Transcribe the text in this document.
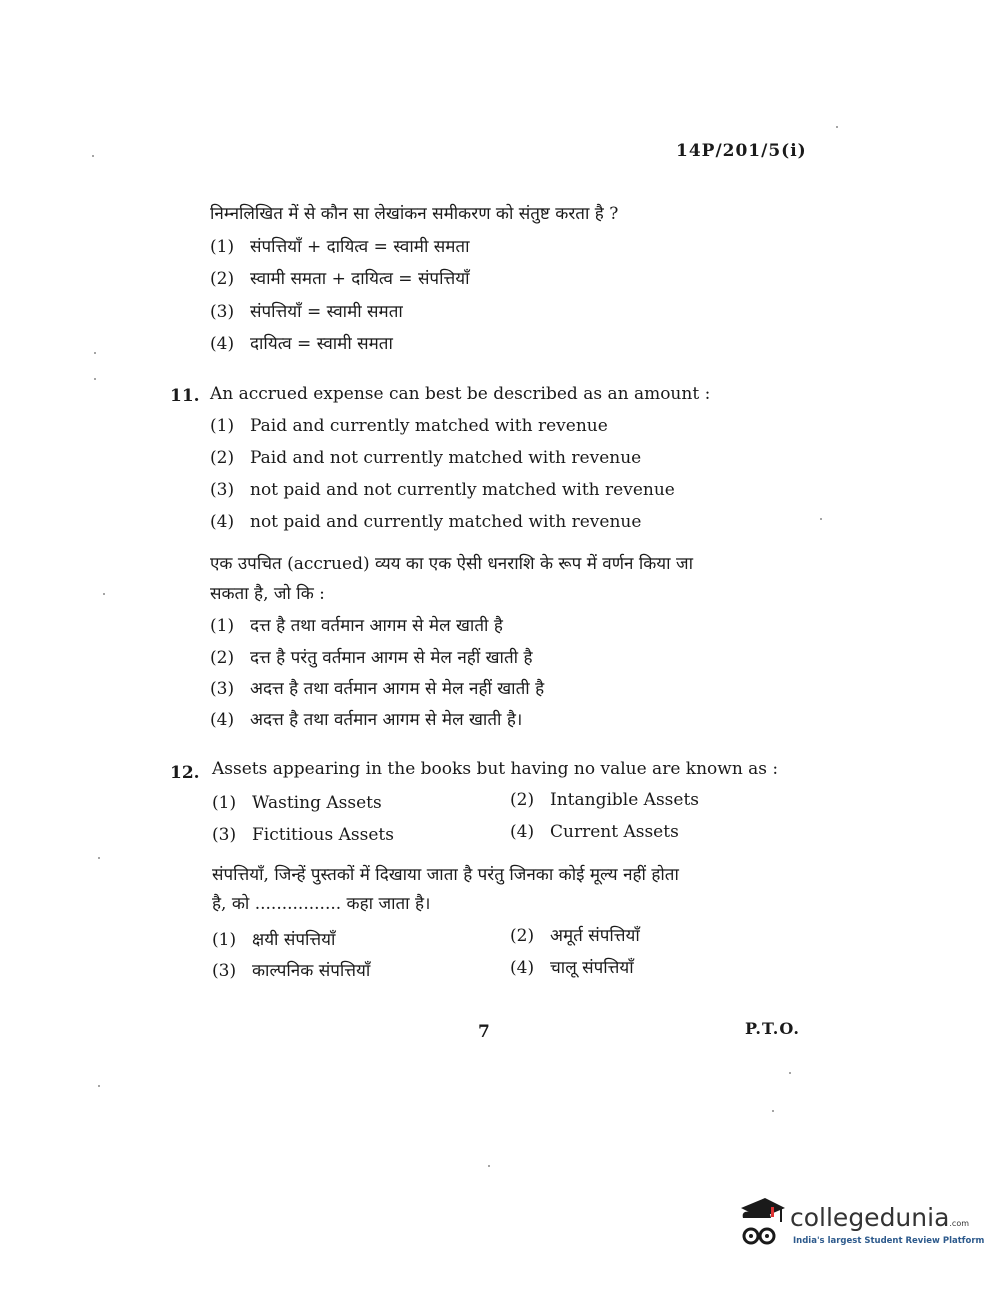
14P/201/5(i)
निम्नलिखित में से कौन सा लेखांकन समीकरण को संतुष्ट करता है ?
(1) संपत्तियाँ + दायित्व = स्वामी समता
(2) स्वामी समता + दायित्व = संपत्तियाँ
(3) संपत्तियाँ = स्वामी समता
(4) दायित्व = स्वामी समता
11. An accrued expense can best be described as an amount :
(1) Paid and currently matched with revenue
(2) Paid and not currently matched with revenue
(3) not paid and not currently matched with revenue
(4) not paid and currently matched with revenue
एक उपचित (accrued) व्यय का एक ऐसी धनराशि के रूप में वर्णन किया जा
सकता है, जो कि :
(1) दत्त है तथा वर्तमान आगम से मेल खाती है
(2) दत्त है परंतु वर्तमान आगम से मेल नहीं खाती है
(3) अदत्त है तथा वर्तमान आगम से मेल नहीं खाती है
(4) अदत्त है तथा वर्तमान आगम से मेल खाती है।
12. Assets appearing in the books but having no value are known as :
(1) Wasting Assets	(2) Intangible Assets
(3) Fictitious Assets	(4) Current Assets
संपत्तियाँ, जिन्हें पुस्तकों में दिखाया जाता है परंतु जिनका कोई मूल्य नहीं होता
है, को ................ कहा जाता है।
(1) क्षयी संपत्तियाँ	(2) अमूर्त संपत्तियाँ
(3) काल्पनिक संपत्तियाँ	(4) चालू संपत्तियाँ
7	P.T.O.
collegedunia.com
India's largest Student Review Platform
